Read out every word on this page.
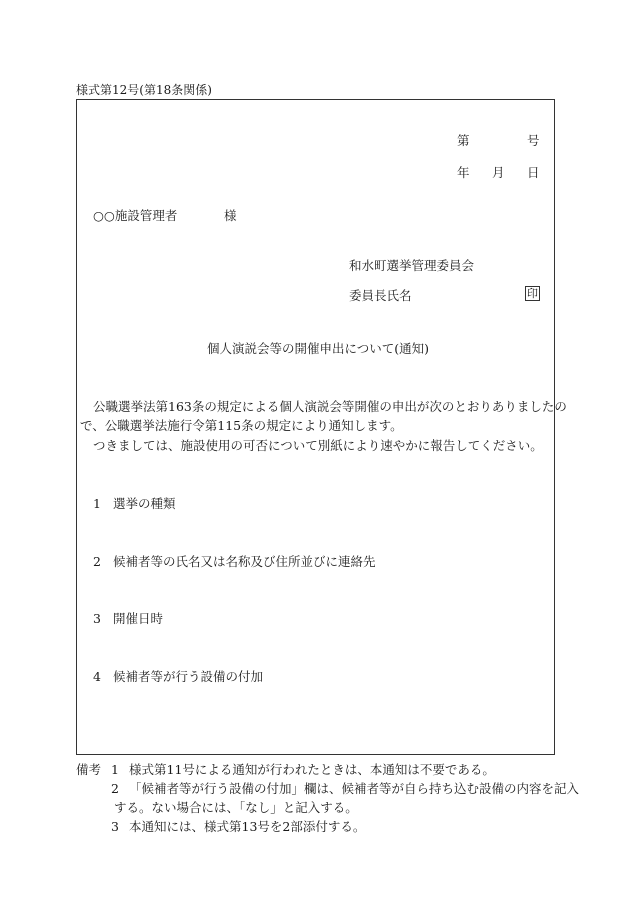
様式第12号(第18条関係)
第	号
年 月 日
○○施設管理者	様
和水町選挙管理委員会
委員長氏名	印
個人演説会等の開催申出について(通知)
公職選挙法第163条の規定による個人演説会等開催の申出が次のとおりありましたの
で、公職選挙法施行令第115条の規定により通知します。
つきましては、施設使用の可否について別紙により速やかに報告してください。
1 選挙の種類
2 候補者等の氏名又は名称及び住所並びに連絡先
3 開催日時
4 候補者等が行う設備の付加
備考 1 様式第11号による通知が行われたときは、本通知は不要である。
2 「候補者等が行う設備の付加」欄は、候補者等が自ら持ち込む設備の内容を記入
する。ない場合には、「なし」と記入する。
3 本通知には、様式第13号を2部添付する。
